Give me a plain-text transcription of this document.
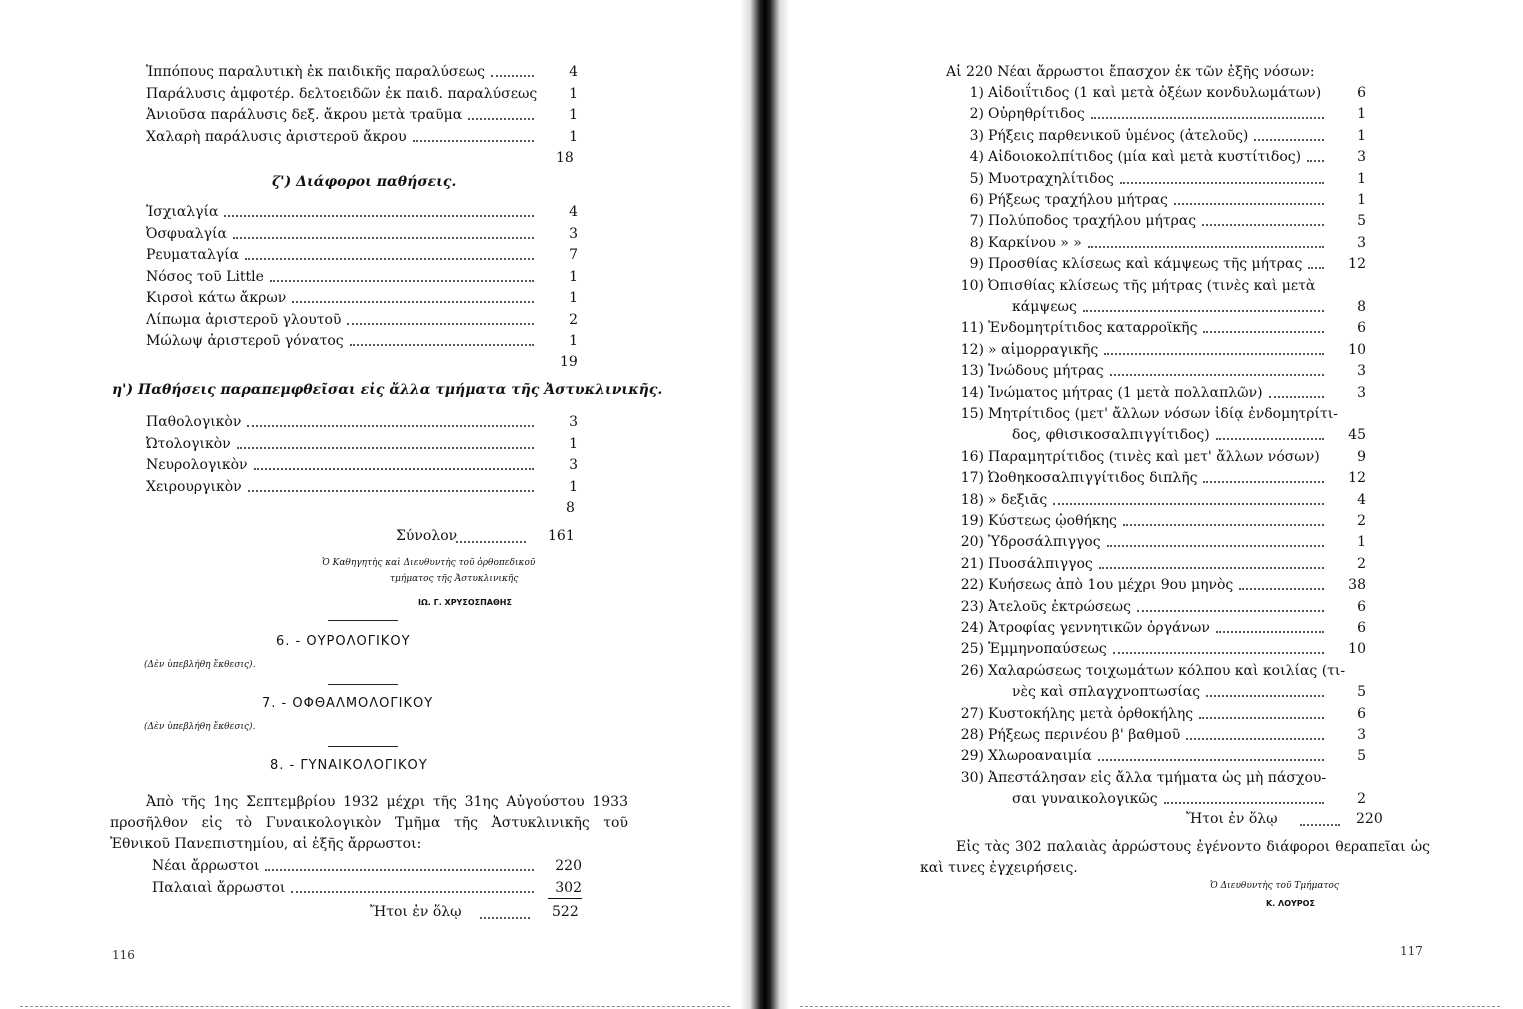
Ἱππόπους παραλυτικὴ ἐκ παιδικῆς παραλύσεως	4
Παράλυσις ἀμφοτέρ. δελτοειδῶν ἐκ παιδ. παραλύσεως	1
Ἀνιοῦσα παράλυσις δεξ. ἄκρου μετὰ τραῦμα	1
Χαλαρὴ παράλυσις ἀριστεροῦ ἄκρου	1
18
ζ') Διάφοροι παθήσεις.
Ἰσχιαλγία	4
Ὀσφυαλγία	3
Ρευματαλγία	7
Νόσος τοῦ Little	1
Κιρσοὶ κάτω ἄκρων	1
Λίπωμα ἀριστεροῦ γλουτοῦ	2
Μώλωψ ἀριστεροῦ γόνατος	1
19
η') Παθήσεις παραπεμφθεῖσαι εἰς ἄλλα τμήματα τῆς Ἀστυκλινικῆς.
Παθολογικὸν	3
Ὠτολογικὸν	1
Νευρολογικὸν	3
Χειρουργικὸν	1
8
Σύνολον	161
Ὁ Καθηγητὴς καὶ Διευθυντὴς τοῦ ὀρθοπεδικοῦ
τμήματος τῆς Ἀστυκλινικῆς
ΙΩ. Γ. ΧΡΥΣΟΣΠΑΘΗΣ
6. - ΟΥΡΟΛΟΓΙΚΟΥ
(Δὲν ὑπεβλήθη ἔκθεσις).
7. - ΟΦΘΑΛΜΟΛΟΓΙΚΟΥ
(Δὲν ὑπεβλήθη ἔκθεσις).
8. - ΓΥΝΑΙΚΟΛΟΓΙΚΟΥ
Ἀπὸ τῆς 1ης Σεπτεμβρίου 1932 μέχρι τῆς 31ης Αὐγούστου 1933 προσῆλθον εἰς τὸ Γυναικολογικὸν Τμῆμα τῆς Ἀστυκλινικῆς τοῦ Ἐθνικοῦ Πανεπιστημίου, αἱ ἑξῆς ἄρρωστοι:
Νέαι ἄρρωστοι	220
Παλαιαὶ ἄρρωστοι	302
Ἤτοι ἐν ὅλῳ	522
116
Αἱ 220 Νέαι ἄρρωστοι ἔπασχον ἐκ τῶν ἑξῆς νόσων:
1) Αἰδοιΐτιδος (1 καὶ μετὰ ὀξέων κονδυλωμάτων)	6
2) Οὐρηθρίτιδος	1
3) Ρήξεις παρθενικοῦ ὑμένος (ἀτελοῦς)	1
4) Αἰδοιοκολπίτιδος (μία καὶ μετὰ κυστίτιδος)	3
5) Μυοτραχηλίτιδος	1
6) Ρήξεως τραχήλου μήτρας	1
7) Πολύποδος τραχήλου μήτρας	5
8) Καρκίνου » »	3
9) Προσθίας κλίσεως καὶ κάμψεως τῆς μήτρας	12
10) Ὀπισθίας κλίσεως τῆς μήτρας (τινὲς καὶ μετὰ
κάμψεως	8
11) Ἐνδομητρίτιδος καταρροϊκῆς	6
12) » αἱμορραγικῆς	10
13) Ἰνώδους μήτρας	3
14) Ἰνώματος μήτρας (1 μετὰ πολλαπλῶν)	3
15) Μητρίτιδος (μετ' ἄλλων νόσων ἰδίᾳ ἐνδομητρίτι-
δος, φθισικοσαλπιγγίτιδος)	45
16) Παραμητρίτιδος (τινὲς καὶ μετ' ἄλλων νόσων)	9
17) Ὠοθηκοσαλπιγγίτιδος διπλῆς	12
18) » δεξιᾶς	4
19) Κύστεως ᾠοθήκης	2
20) Ὑδροσάλπιγγος	1
21) Πυοσάλπιγγος	2
22) Κυήσεως ἀπὸ 1ου μέχρι 9ου μηνὸς	38
23) Ἀτελοῦς ἐκτρώσεως	6
24) Ἀτροφίας γεννητικῶν ὀργάνων	6
25) Ἐμμηνοπαύσεως	10
26) Χαλαρώσεως τοιχωμάτων κόλπου καὶ κοιλίας (τι-
νὲς καὶ σπλαγχνοπτωσίας	5
27) Κυστοκήλης μετὰ ὀρθοκήλης	6
28) Ρήξεως περινέου β' βαθμοῦ	3
29) Χλωροαναιμία	5
30) Ἀπεστάλησαν εἰς ἄλλα τμήματα ὡς μὴ πάσχου-
σαι γυναικολογικῶς	2
Ἤτοι ἐν ὅλῳ	220
Εἰς τὰς 302 παλαιὰς ἀρρώστους ἐγένοντο διάφοροι θεραπεῖαι ὡς καὶ τινες ἐγχειρήσεις.
Ὁ Διευθυντὴς τοῦ Τμήματος
Κ. ΛΟΥΡΟΣ
117
